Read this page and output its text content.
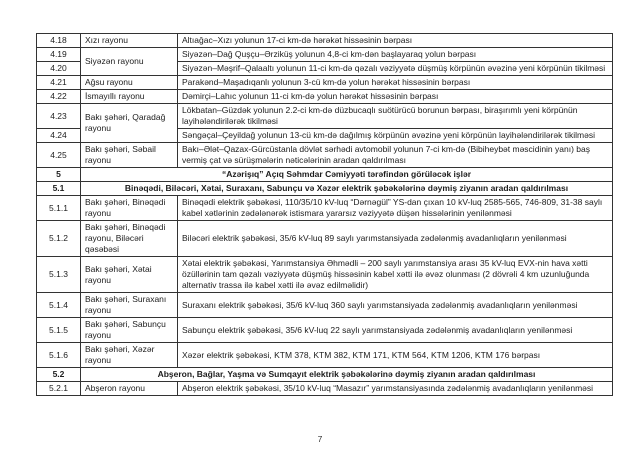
4.18	Xızı rayonu	Altıağac–Xızı yolunun 17-ci km-də hərəkət hissəsinin bərpası
4.19	Siyəzən rayonu	Siyəzən–Dağ Quşçu–Ərziküş yolunun 4,8-ci km-dən başlayaraq yolun bərpası
4.20		Siyəzən–Məşrif–Qalaaltı yolunun 11-ci km-də qəzalı vəziyyətə düşmüş körpünün əvəzinə yeni körpünün tikilməsi
4.21	Ağsu rayonu	Parakənd–Maşadıqanlı yolunun 3-cü km-də yolun hərəkət hissəsinin bərpası
4.22	İsmayıllı rayonu	Dəmirçi–Lahıc yolunun 11-ci km-də yolun hərəkət hissəsinin bərpası
4.23	Bakı şəhəri, Qaradağ rayonu	Lökbatan–Güzdək yolunun 2.2-ci km-də düzbucaqlı suötürücü borunun bərpası, biraşırımlı yeni körpünün layihələndirilərək tikilməsi
4.24		Səngəçal–Çeyildağ yolunun 13-cü km-də dağılmış körpünün əvəzinə yeni körpünün layihələndirilərək tikilməsi
4.25	Bakı şəhəri, Səbail rayonu	Bakı–Ələt–Qazax-Gürcüstanla dövlət sərhədi avtomobil yolunun 7-ci km-də (Bibiheybət məscidinin yanı) baş vermiş çat və sürüşmələrin nəticələrinin aradan qaldırılması
5	“Azərişıq” Açıq Səhmdar Cəmiyyəti tərəfindən görüləcək işlər	
5.1	Binəqədi, Biləcəri, Xətai, Suraxanı, Sabunçu və Xəzər elektrik şəbəkələrinə dəymiş ziyanın aradan qaldırılması	
5.1.1	Bakı şəhəri, Binəqədi rayonu	Binəqədi elektrik şəbəkəsi, 110/35/10 kV-luq “Dərnəgül” YS-dan çıxan 10 kV-luq 2585-565, 746-809, 31-38 saylı kabel xətlərinin zədələnərək istismara yararsız vəziyyətə düşən hissələrinin yenilənməsi
5.1.2	Bakı şəhəri, Binəqədi rayonu, Biləcəri qəsəbəsi	Biləcəri elektrik şəbəkəsi, 35/6 kV-luq 89 saylı yarımstansiyada zədələnmiş avadanlıqların yenilənməsi
5.1.3	Bakı şəhəri, Xətai rayonu	Xətai elektrik şəbəkəsi, Yarımstansiya Əhmədli – 200 saylı yarımstansiya arası 35 kV-luq EVX-nin hava xətti özüllərinin tam qəzalı vəziyyətə düşmüş hissəsinin kabel xətti ilə əvəz olunması (2 dövrəli 4 km uzunluğunda alternativ trassa ilə kabel xətti ilə əvəz edilməlidir)
5.1.4	Bakı şəhəri, Suraxanı rayonu	Suraxanı elektrik şəbəkəsi, 35/6 kV-luq 360 saylı yarımstansiyada zədələnmiş avadanlıqların yenilənməsi
5.1.5	Bakı şəhəri, Sabunçu rayonu	Sabunçu elektrik şəbəkəsi, 35/6 kV-luq 22 saylı yarımstansiyada zədələnmiş avadanlıqların yenilənməsi
5.1.6	Bakı şəhəri, Xəzər rayonu	Xəzər elektrik şəbəkəsi, KTM 378, KTM 382, KTM 171, KTM 564, KTM 1206, KTM 176 bərpası
5.2	Abşeron, Bağlar, Yaşma və Sumqayıt elektrik şəbəkələrinə dəymiş ziyanın aradan qaldırılması	
5.2.1	Abşeron rayonu	Abşeron elektrik şəbəkəsi, 35/10 kV-luq “Masazır” yarımstansiyasında zədələnmiş avadanlıqların yenilənməsi
7
